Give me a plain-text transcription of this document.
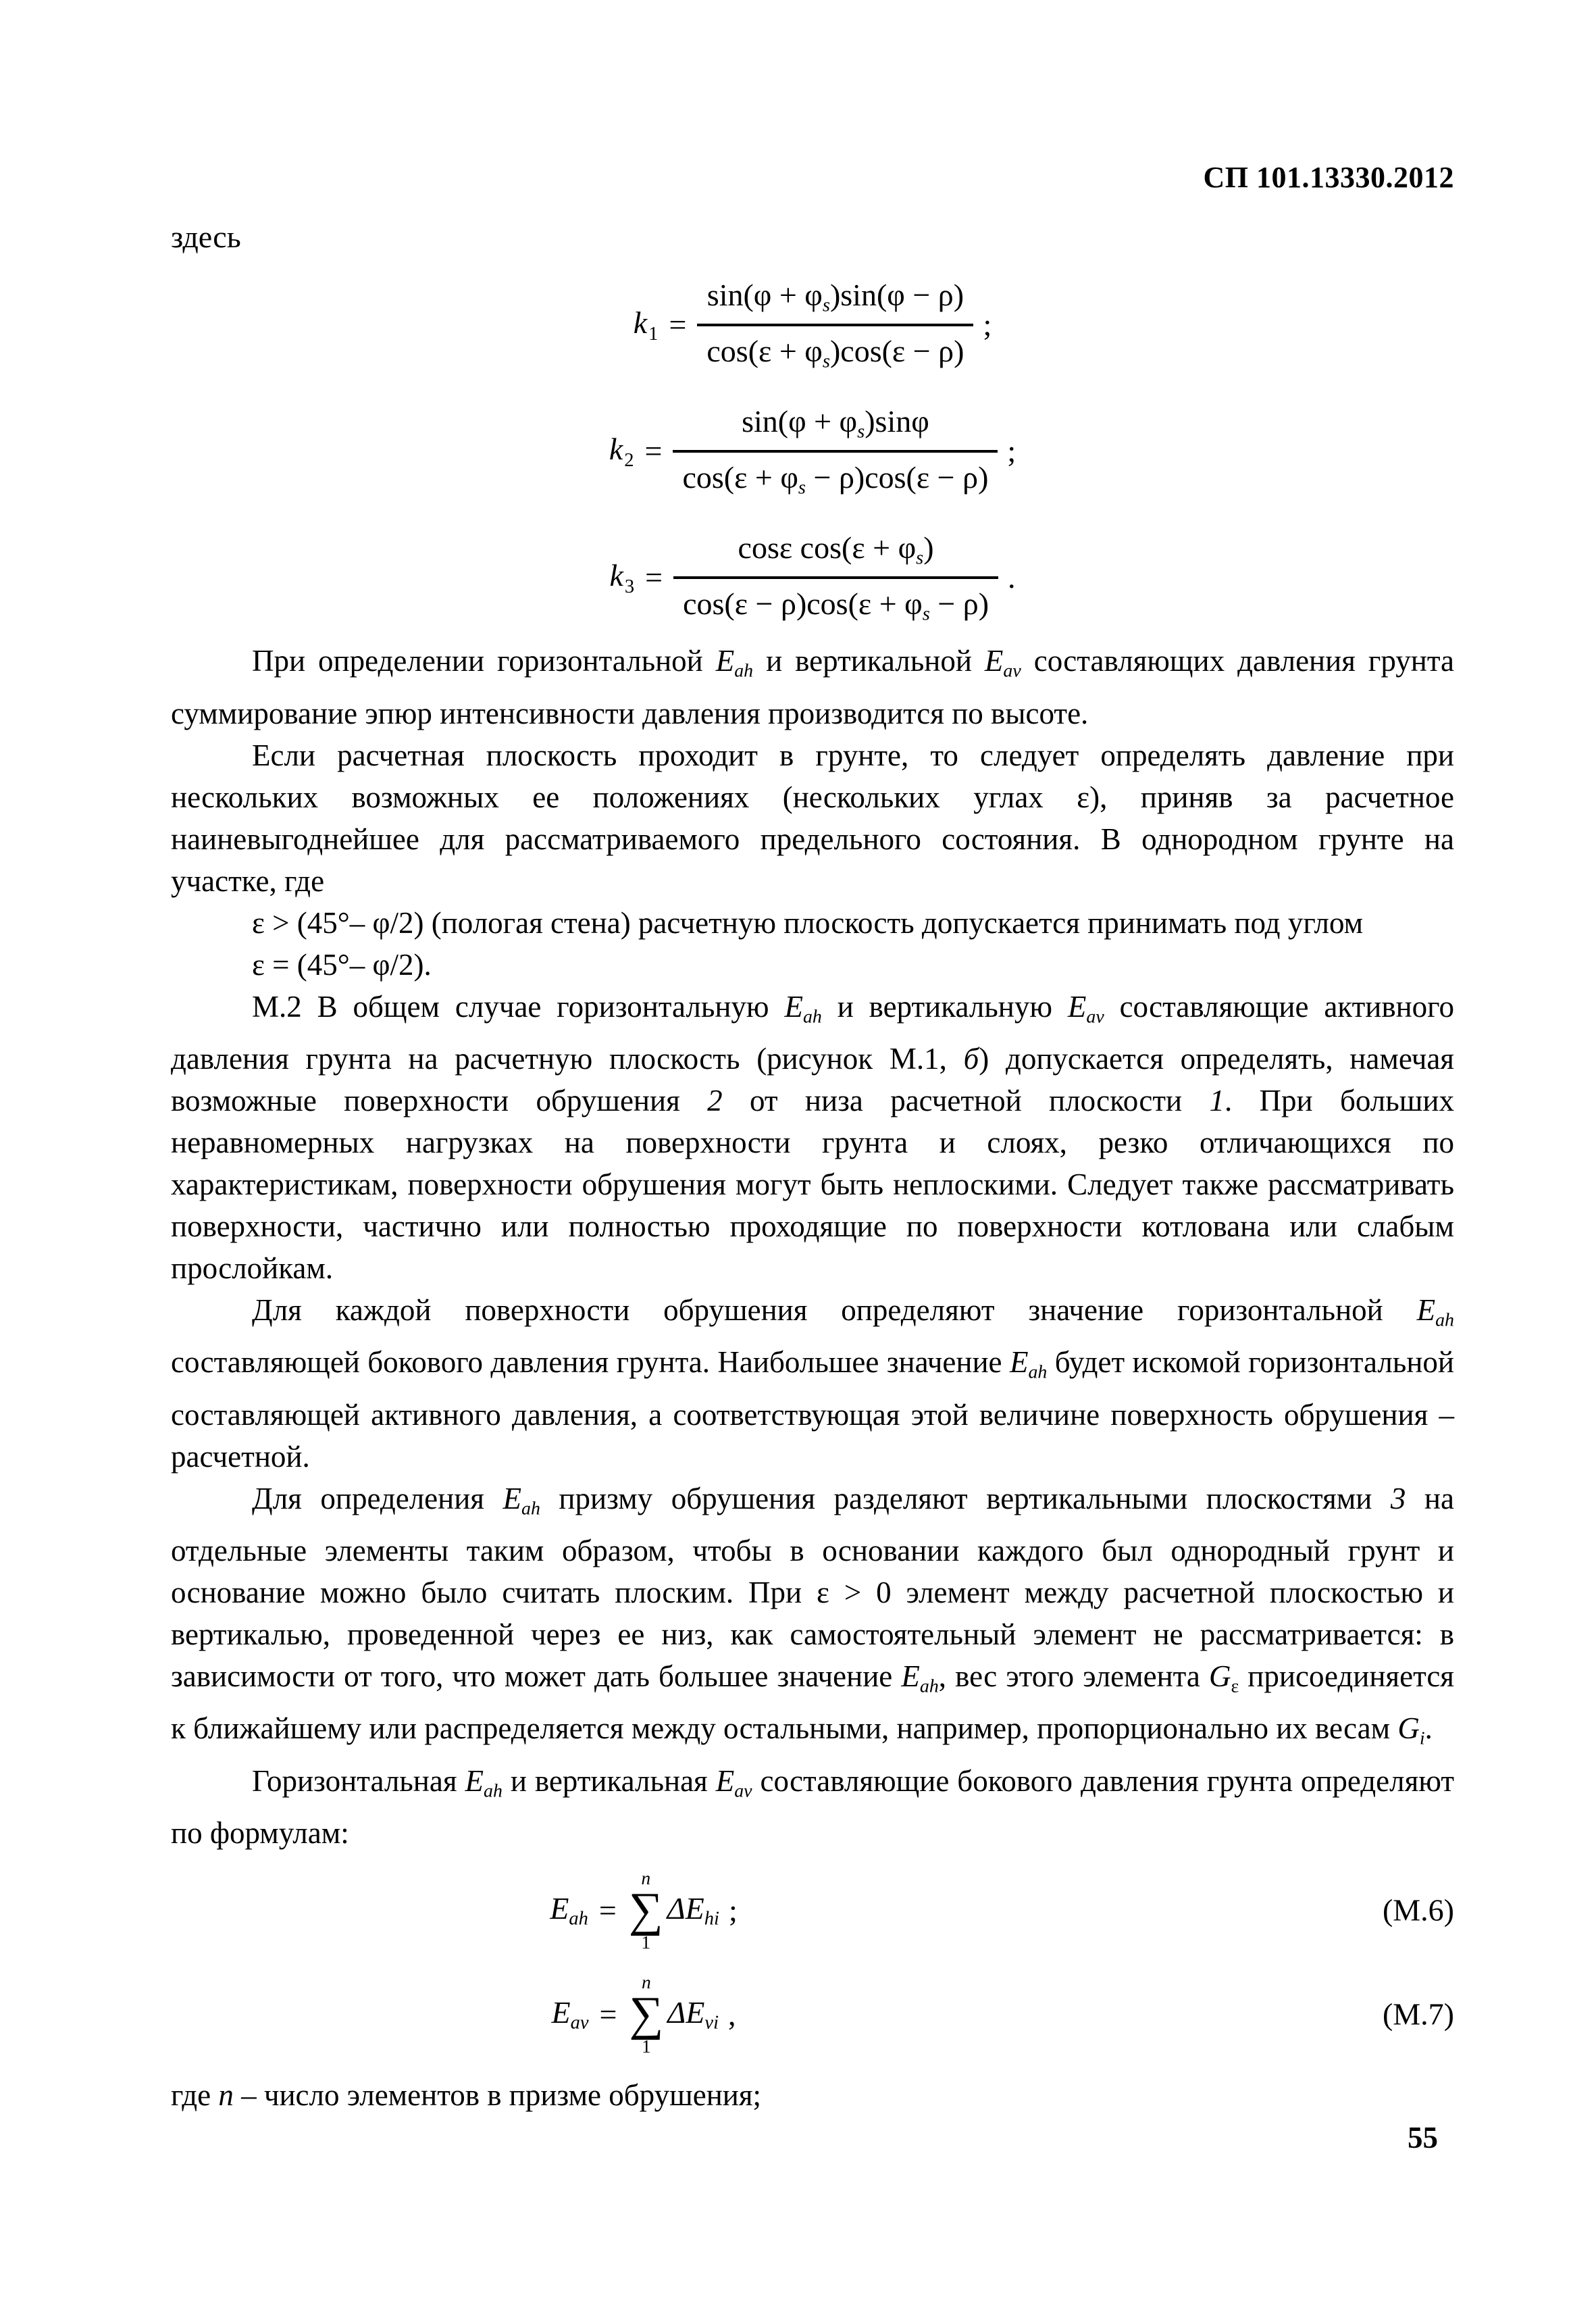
СП 101.13330.2012
здесь
$k_1 = \frac{\sin(\varphi + \varphi s)\sin(\varphi - \rho)}{\cos(\varepsilon + \varphi s)\cos(\varepsilon - \rho)}$ ;
$k_2 = \frac{\sin(\varphi + \varphi s)\sin\varphi}{\cos(\varepsilon + \varphi s - \rho)\cos(\varepsilon - \rho)}$ ;
$k_3 = \frac{\text{cosε cos(ε + φs)}}{\cos(\varepsilon - \rho)\cos(\varepsilon + \varphi s - \rho)}$ .

При определении горизонтальной Eah и вертикальной Eav составляющих давления грунта суммирование эпюр интенсивности давления производится по высоте.

Если расчетная плоскость проходит в грунте, то следует определять давление при нескольких возможных ее положениях (нескольких углах ε), приняв за расчетное наиневыгоднейшее для рассматриваемого предельного состояния. В однородном грунте на участке, где

ε > (45°– φ/2) (пологая стена) расчетную плоскость допускается принимать под углом

ε = (45°– φ/2).

М.2 В общем случае горизонтальную Eah и вертикальную Eav составляющие активного давления грунта на расчетную плоскость (рисунок М.1, б) допускается определять, намечая возможные поверхности обрушения 2 от низа расчетной плоскости 1. При больших неравномерных нагрузках на поверхности грунта и слоях, резко отличающихся по характеристикам, поверхности обрушения могут быть неплоскими. Следует также рассматривать поверхности, частично или полностью проходящие по поверхности котлована или слабым прослойкам.

Для каждой поверхности обрушения определяют значение горизонтальной Eah составляющей бокового давления грунта. Наибольшее значение Eah будет искомой горизонтальной составляющей активного давления, а соответствующая этой величине поверхность обрушения – расчетной.

Для определения Eah призму обрушения разделяют вертикальными плоскостями 3 на отдельные элементы таким образом, чтобы в основании каждого был однородный грунт и основание можно было считать плоским. При ε > 0 элемент между расчетной плоскостью и вертикалью, проведенной через ее низ, как самостоятельный элемент не рассматривается: в зависимости от того, что может дать большее значение Eah, вес этого элемента Gε присоединяется к ближайшему или распределяется между остальными, например, пропорционально их весам Gi.

Горизонтальная Eah и вертикальная Eav составляющие бокового давления грунта определяют по формулам:

Eah =
n
∑
1
ΔEhi ;	(М.6)
Eav =
n
∑
1
ΔEvi ,	(М.7)

где n – число элементов в призме обрушения;

55
